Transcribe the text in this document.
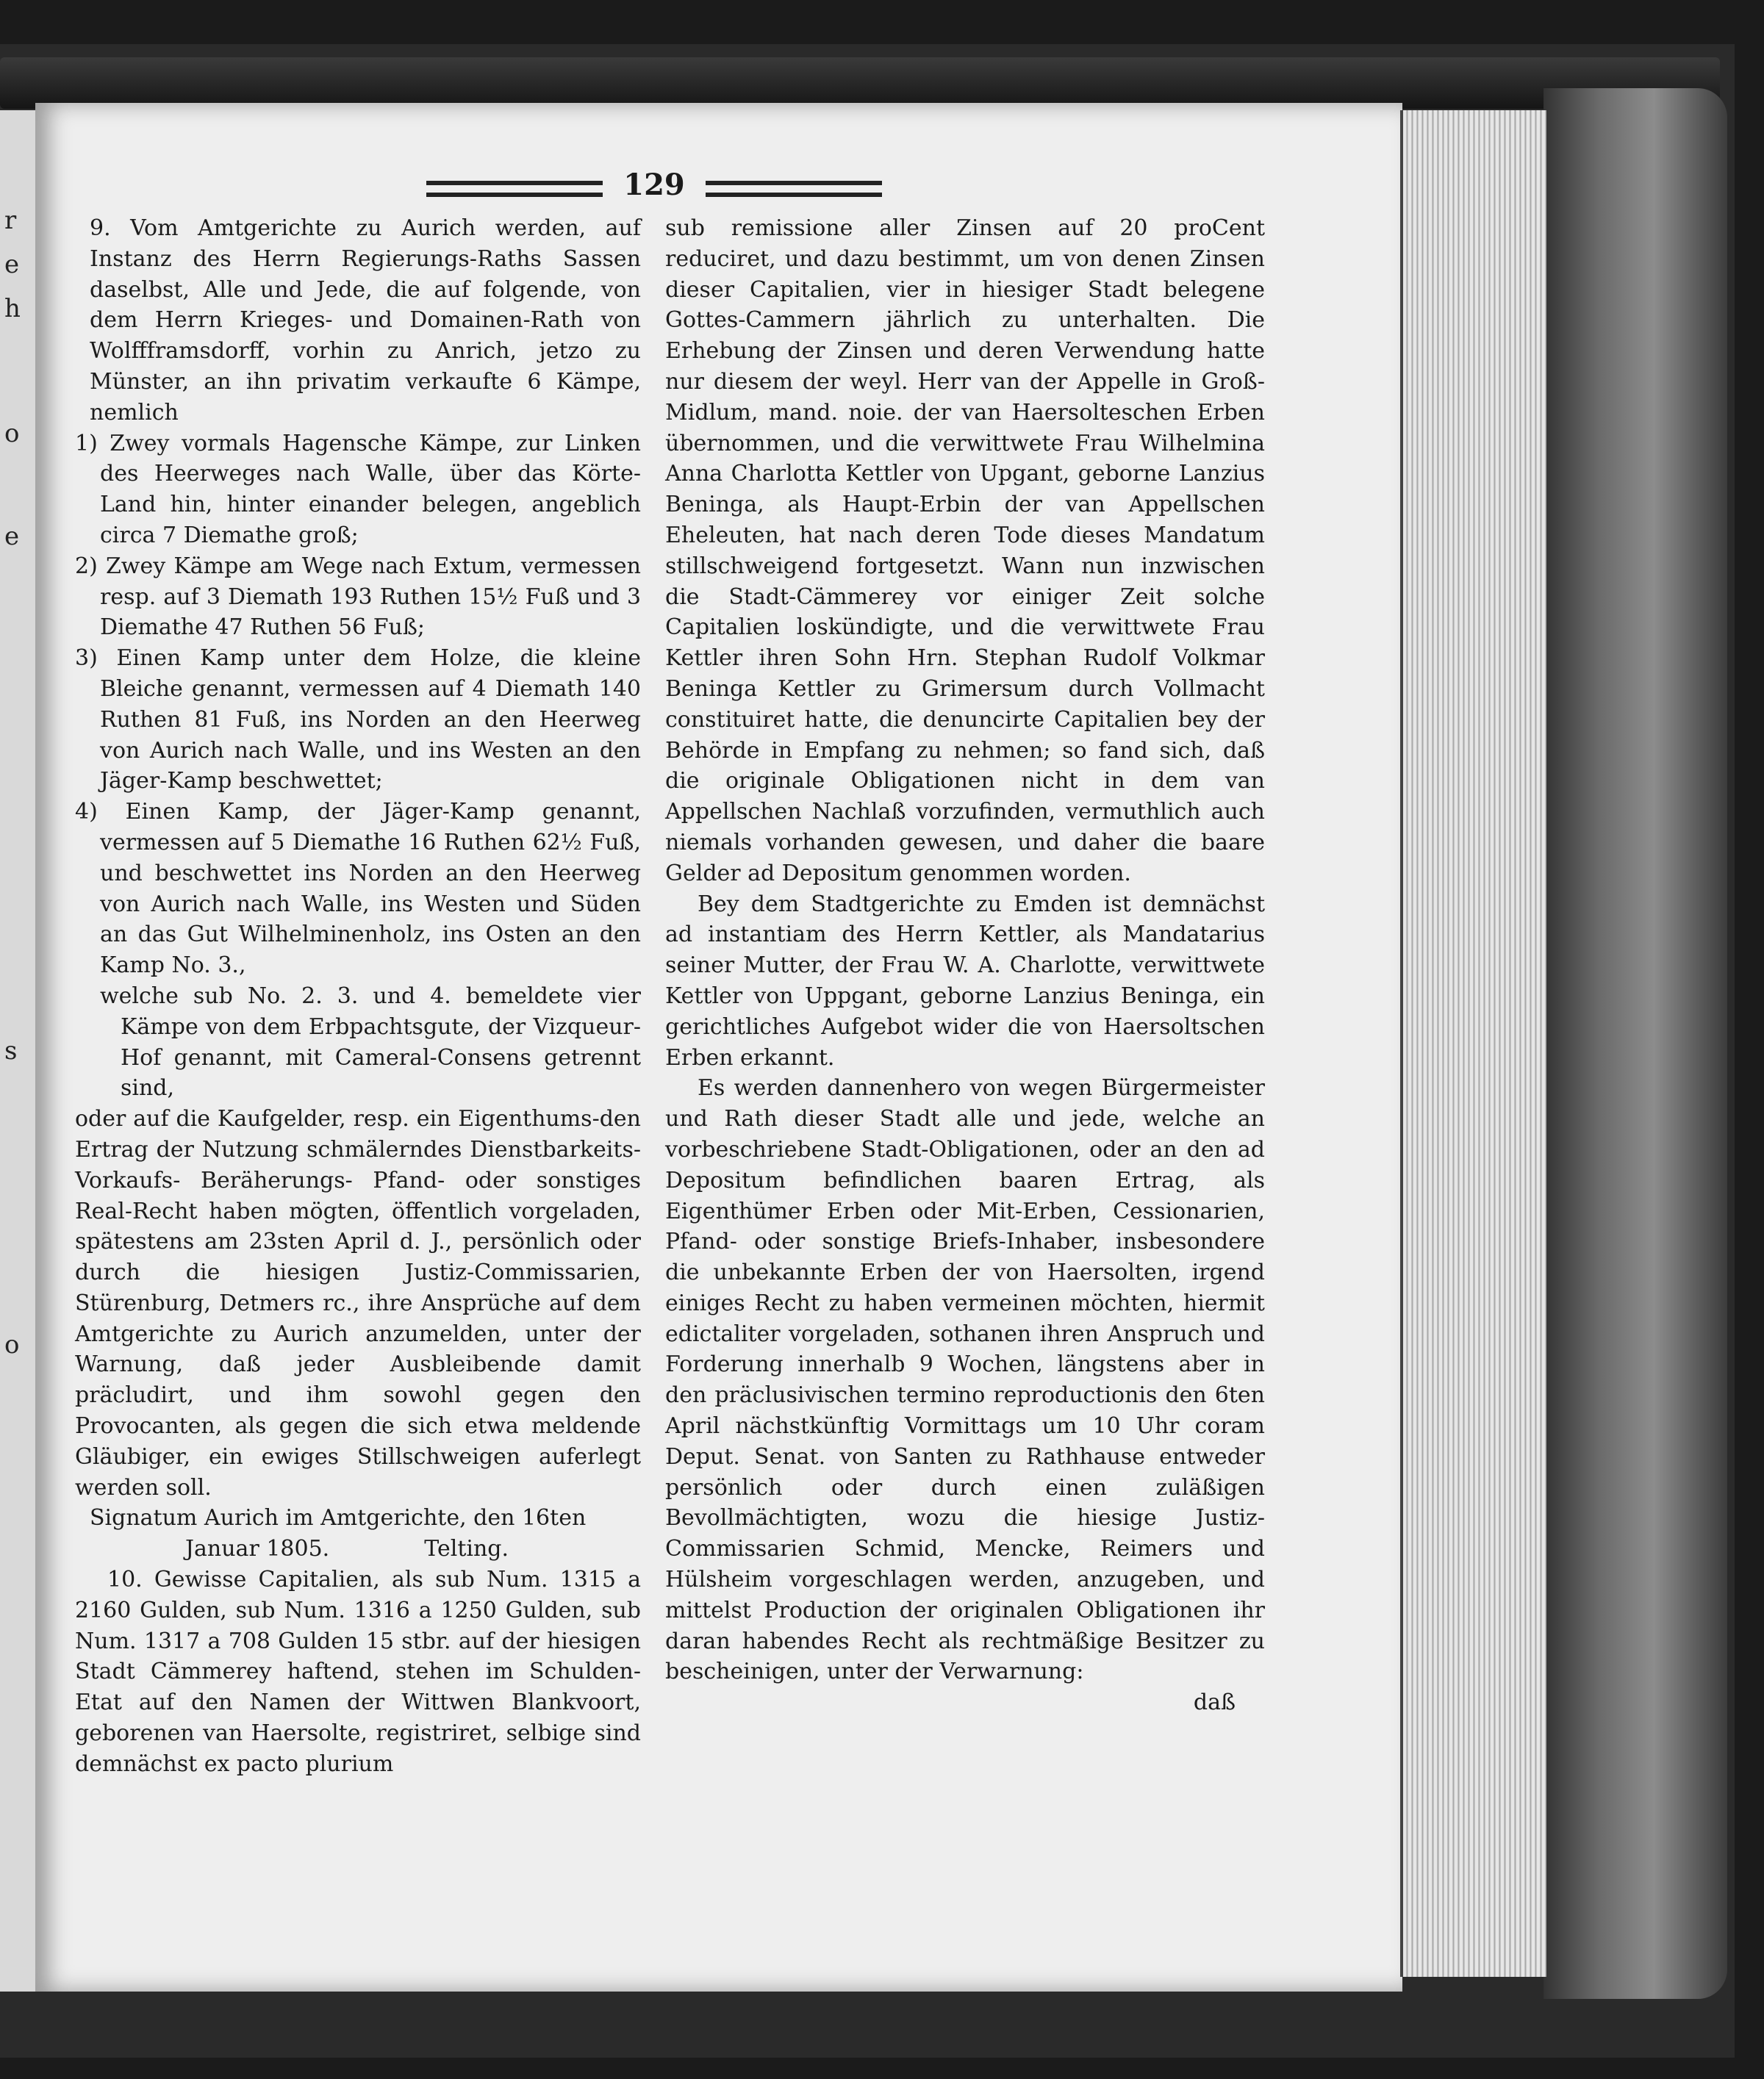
r
e
h
o
e
s
o
129

9. Vom Amtgerichte zu Aurich werden, auf Instanz des Herrn Regierungs-Raths Sassen daselbst, Alle und Jede, die auf folgende, von dem Herrn Krieges- und Domainen-Rath von Wolffframsdorff, vorhin zu Anrich, jetzo zu Münster, an ihn privatim verkaufte 6 Kämpe, nemlich

1) Zwey vormals Hagensche Kämpe, zur Linken des Heerweges nach Walle, über das Körte-Land hin, hinter einander belegen, angeblich circa 7 Diemathe groß;

2) Zwey Kämpe am Wege nach Extum, vermessen resp. auf 3 Diemath 193 Ruthen 15½ Fuß und 3 Diemathe 47 Ruthen 56 Fuß;

3) Einen Kamp unter dem Holze, die kleine Bleiche genannt, vermessen auf 4 Diemath 140 Ruthen 81 Fuß, ins Norden an den Heerweg von Aurich nach Walle, und ins Westen an den Jäger-Kamp beschwettet;

4) Einen Kamp, der Jäger-Kamp genannt, vermessen auf 5 Diemathe 16 Ruthen 62½ Fuß, und beschwettet ins Norden an den Heerweg von Aurich nach Walle, ins Westen und Süden an das Gut Wilhelminenholz, ins Osten an den Kamp No. 3.,

welche sub No. 2. 3. und 4. bemeldete vier Kämpe von dem Erbpachtsgute, der Vizqueur-Hof genannt, mit Cameral-Consens getrennt sind,

oder auf die Kaufgelder, resp. ein Eigenthums-den Ertrag der Nutzung schmälerndes Dienstbarkeits- Vorkaufs- Beräherungs- Pfand- oder sonstiges Real-Recht haben mögten, öffentlich vorgeladen, spätestens am 23sten April d. J., persönlich oder durch die hiesigen Justiz-Commissarien, Stürenburg, Detmers rc., ihre Ansprüche auf dem Amtgerichte zu Aurich anzumelden, unter der Warnung, daß jeder Ausbleibende damit präcludirt, und ihm sowohl gegen den Provocanten, als gegen die sich etwa meldende Gläubiger, ein ewiges Stillschweigen auferlegt werden soll.

Signatum Aurich im Amtgerichte, den 16ten

Januar 1805.	Telting.

10. Gewisse Capitalien, als sub Num. 1315 a 2160 Gulden, sub Num. 1316 a 1250 Gulden, sub Num. 1317 a 708 Gulden 15 stbr. auf der hiesigen Stadt Cämmerey haftend, stehen im Schulden-Etat auf den Namen der Wittwen Blankvoort, geborenen van Haersolte, registriret, selbige sind demnächst ex pacto plurium

sub remissione aller Zinsen auf 20 proCent reduciret, und dazu bestimmt, um von denen Zinsen dieser Capitalien, vier in hiesiger Stadt belegene Gottes-Cammern jährlich zu unterhalten. Die Erhebung der Zinsen und deren Verwendung hatte nur diesem der weyl. Herr van der Appelle in Groß-Midlum, mand. noie. der van Haersolteschen Erben übernommen, und die verwittwete Frau Wilhelmina Anna Charlotta Kettler von Upgant, geborne Lanzius Beninga, als Haupt-Erbin der van Appellschen Eheleuten, hat nach deren Tode dieses Mandatum stillschweigend fortgesetzt. Wann nun inzwischen die Stadt-Cämmerey vor einiger Zeit solche Capitalien loskündigte, und die verwittwete Frau Kettler ihren Sohn Hrn. Stephan Rudolf Volkmar Beninga Kettler zu Grimersum durch Vollmacht constituiret hatte, die denuncirte Capitalien bey der Behörde in Empfang zu nehmen; so fand sich, daß die originale Obligationen nicht in dem van Appellschen Nachlaß vorzufinden, vermuthlich auch niemals vorhanden gewesen, und daher die baare Gelder ad Depositum genommen worden.

Bey dem Stadtgerichte zu Emden ist demnächst ad instantiam des Herrn Kettler, als Mandatarius seiner Mutter, der Frau W. A. Charlotte, verwittwete Kettler von Uppgant, geborne Lanzius Beninga, ein gerichtliches Aufgebot wider die von Haersoltschen Erben erkannt.

Es werden dannenhero von wegen Bürgermeister und Rath dieser Stadt alle und jede, welche an vorbeschriebene Stadt-Obligationen, oder an den ad Depositum befindlichen baaren Ertrag, als Eigenthümer Erben oder Mit-Erben, Cessionarien, Pfand- oder sonstige Briefs-Inhaber, insbesondere die unbekannte Erben der von Haersolten, irgend einiges Recht zu haben vermeinen möchten, hiermit edictaliter vorgeladen, sothanen ihren Anspruch und Forderung innerhalb 9 Wochen, längstens aber in den präclusivischen termino reproductionis den 6ten April nächstkünftig Vormittags um 10 Uhr coram Deput. Senat. von Santen zu Rathhause entweder persönlich oder durch einen zuläßigen Bevollmächtigten, wozu die hiesige Justiz-Commissarien Schmid, Mencke, Reimers und Hülsheim vorgeschlagen werden, anzugeben, und mittelst Production der originalen Obligationen ihr daran habendes Recht als rechtmäßige Besitzer zu bescheinigen, unter der Verwarnung:

daß
